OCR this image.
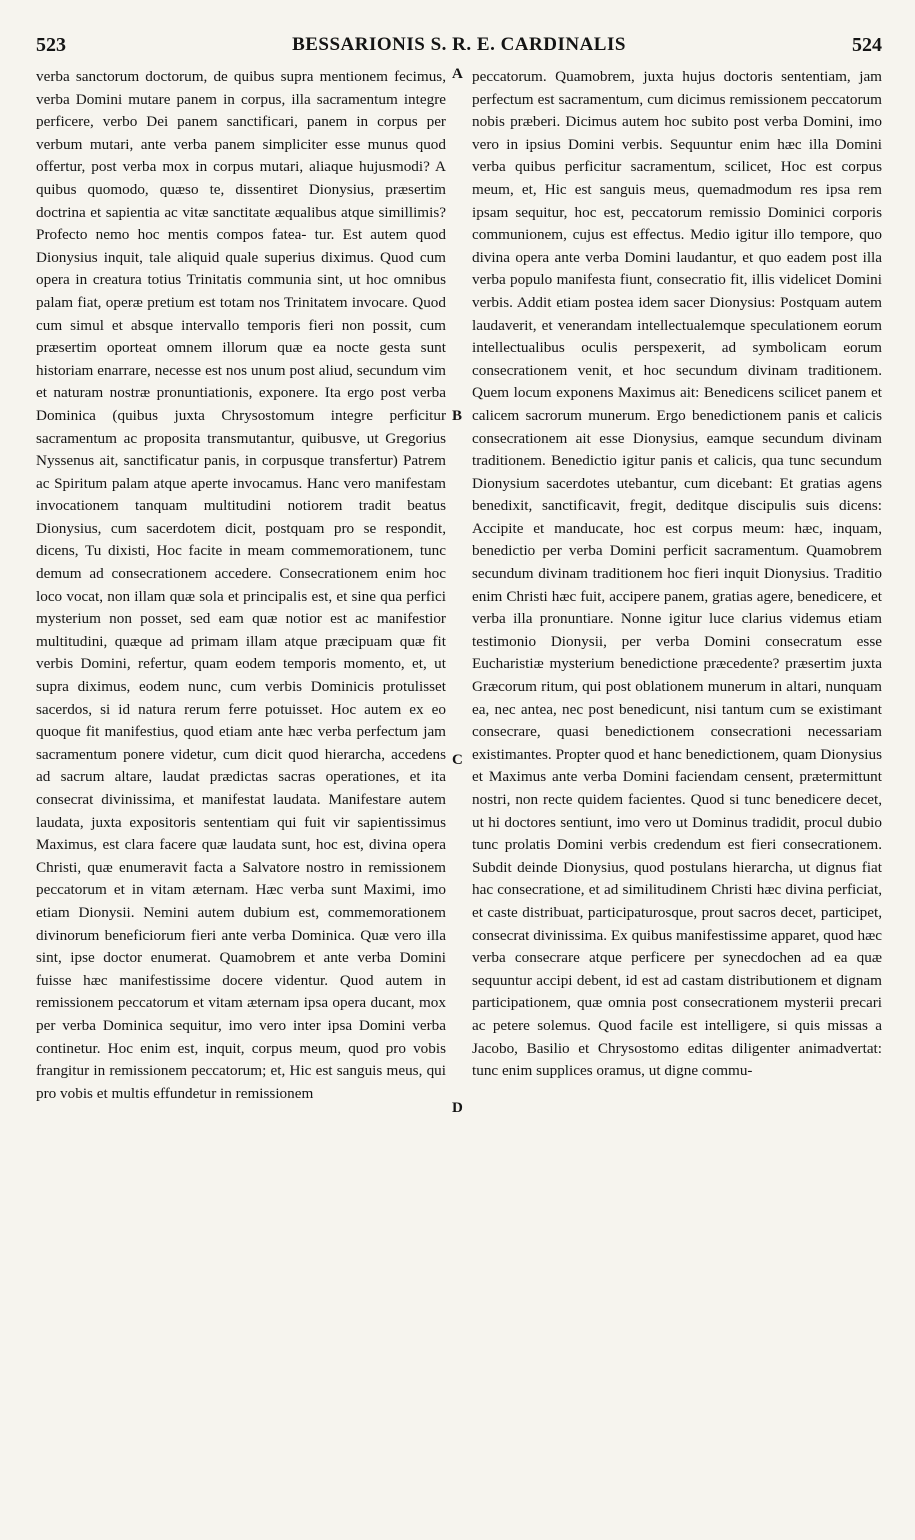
523	BESSARIONIS S. R. E. CARDINALIS	524

verba sanctorum doctorum, de quibus supra mentionem fecimus, verba Domini mutare panem in corpus, illa sacramentum integre perficere, verbo Dei panem sanctificari, panem in corpus per verbum mutari, ante verba panem simpliciter esse munus quod offertur, post verba mox in corpus mutari, aliaque hujusmodi? A quibus quomodo, quæso te, dissentiret Dionysius, præsertim doctrina et sapientia ac vitæ sanctitate æqualibus atque simillimis? Profecto nemo hoc mentis compos fatea- tur. Est autem quod Dionysius inquit, tale aliquid quale superius diximus. Quod cum opera in creatura totius Trinitatis communia sint, ut hoc omnibus palam fiat, operæ pretium est totam nos Trinitatem invocare. Quod cum simul et absque intervallo temporis fieri non possit, cum præsertim oporteat omnem illorum quæ ea nocte gesta sunt historiam enarrare, necesse est nos unum post aliud, secundum vim et naturam nostræ pronuntiationis, exponere. Ita ergo post verba Dominica (quibus juxta Chrysostomum integre perficitur sacramentum ac proposita transmutantur, quibusve, ut Gregorius Nyssenus ait, sanctificatur panis, in corpusque transfertur) Patrem ac Spiritum palam atque aperte invocamus. Hanc vero manifestam invocationem tanquam multitudini notiorem tradit beatus Dionysius, cum sacerdotem dicit, postquam pro se respondit, dicens, Tu dixisti, Hoc facite in meam commemorationem, tunc demum ad consecrationem accedere. Consecrationem enim hoc loco vocat, non illam quæ sola et principalis est, et sine qua perfici mysterium non posset, sed eam quæ notior est ac manifestior multitudini, quæque ad primam illam atque præcipuam quæ fit verbis Domini, refertur, quam eodem temporis momento, et, ut supra diximus, eodem nunc, cum verbis Dominicis protulisset sacerdos, si id natura rerum ferre potuisset. Hoc autem ex eo quoque fit manifestius, quod etiam ante hæc verba perfectum jam sacramentum ponere videtur, cum dicit quod hierarcha, accedens ad sacrum altare, laudat prædictas sacras operationes, et ita consecrat divinissima, et manifestat laudata. Manifestare autem laudata, juxta expositoris sententiam qui fuit vir sapientissimus Maximus, est clara facere quæ laudata sunt, hoc est, divina opera Christi, quæ enumeravit facta a Salvatore nostro in remissionem peccatorum et in vitam æternam. Hæc verba sunt Maximi, imo etiam Dionysii. Nemini autem dubium est, commemorationem divinorum beneficiorum fieri ante verba Dominica. Quæ vero illa sint, ipse doctor enumerat. Quamobrem et ante verba Domini fuisse hæc manifestissime docere videntur. Quod autem in remissionem peccatorum et vitam æternam ipsa opera ducant, mox per verba Dominica sequitur, imo vero inter ipsa Domini verba continetur. Hoc enim est, inquit, corpus meum, quod pro vobis frangitur in remissionem peccatorum; et, Hic est sanguis meus, qui pro vobis et multis effundetur in remissionem

A
B
C
D

peccatorum. Quamobrem, juxta hujus doctoris sententiam, jam perfectum est sacramentum, cum dicimus remissionem peccatorum nobis præberi. Dicimus autem hoc subito post verba Domini, imo vero in ipsius Domini verbis. Sequuntur enim hæc illa Domini verba quibus perficitur sacramentum, scilicet, Hoc est corpus meum, et, Hic est sanguis meus, quemadmodum res ipsa rem ipsam sequitur, hoc est, peccatorum remissio Dominici corporis communionem, cujus est effectus. Medio igitur illo tempore, quo divina opera ante verba Domini laudantur, et quo eadem post illa verba populo manifesta fiunt, consecratio fit, illis videlicet Domini verbis. Addit etiam postea idem sacer Dionysius: Postquam autem laudaverit, et venerandam intellectualemque speculationem eorum intellectualibus oculis perspexerit, ad symbolicam eorum consecrationem venit, et hoc secundum divinam traditionem. Quem locum exponens Maximus ait: Benedicens scilicet panem et calicem sacrorum munerum. Ergo benedictionem panis et calicis consecrationem ait esse Dionysius, eamque secundum divinam traditionem. Benedictio igitur panis et calicis, qua tunc secundum Dionysium sacerdotes utebantur, cum dicebant: Et gratias agens benedixit, sanctificavit, fregit, deditque discipulis suis dicens: Accipite et manducate, hoc est corpus meum: hæc, inquam, benedictio per verba Domini perficit sacramentum. Quamobrem secundum divinam traditionem hoc fieri inquit Dionysius. Traditio enim Christi hæc fuit, accipere panem, gratias agere, benedicere, et verba illa pronuntiare. Nonne igitur luce clarius videmus etiam testimonio Dionysii, per verba Domini consecratum esse Eucharistiæ mysterium benedictione præcedente? præsertim juxta Græcorum ritum, qui post oblationem munerum in altari, nunquam ea, nec antea, nec post benedicunt, nisi tantum cum se existimant consecrare, quasi benedictionem consecrationi necessariam existimantes. Propter quod et hanc benedictionem, quam Dionysius et Maximus ante verba Domini faciendam censent, prætermittunt nostri, non recte quidem facientes. Quod si tunc benedicere decet, ut hi doctores sentiunt, imo vero ut Dominus tradidit, procul dubio tunc prolatis Domini verbis credendum est fieri consecrationem. Subdit deinde Dionysius, quod postulans hierarcha, ut dignus fiat hac consecratione, et ad similitudinem Christi hæc divina perficiat, et caste distribuat, participaturosque, prout sacros decet, participet, consecrat divinissima. Ex quibus manifestissime apparet, quod hæc verba consecrare atque perficere per synecdochen ad ea quæ sequuntur accipi debent, id est ad castam distributionem et dignam participationem, quæ omnia post consecrationem mysterii precari ac petere solemus. Quod facile est intelligere, si quis missas a Jacobo, Basilio et Chrysostomo editas diligenter animadvertat: tunc enim supplices oramus, ut digne commu-
